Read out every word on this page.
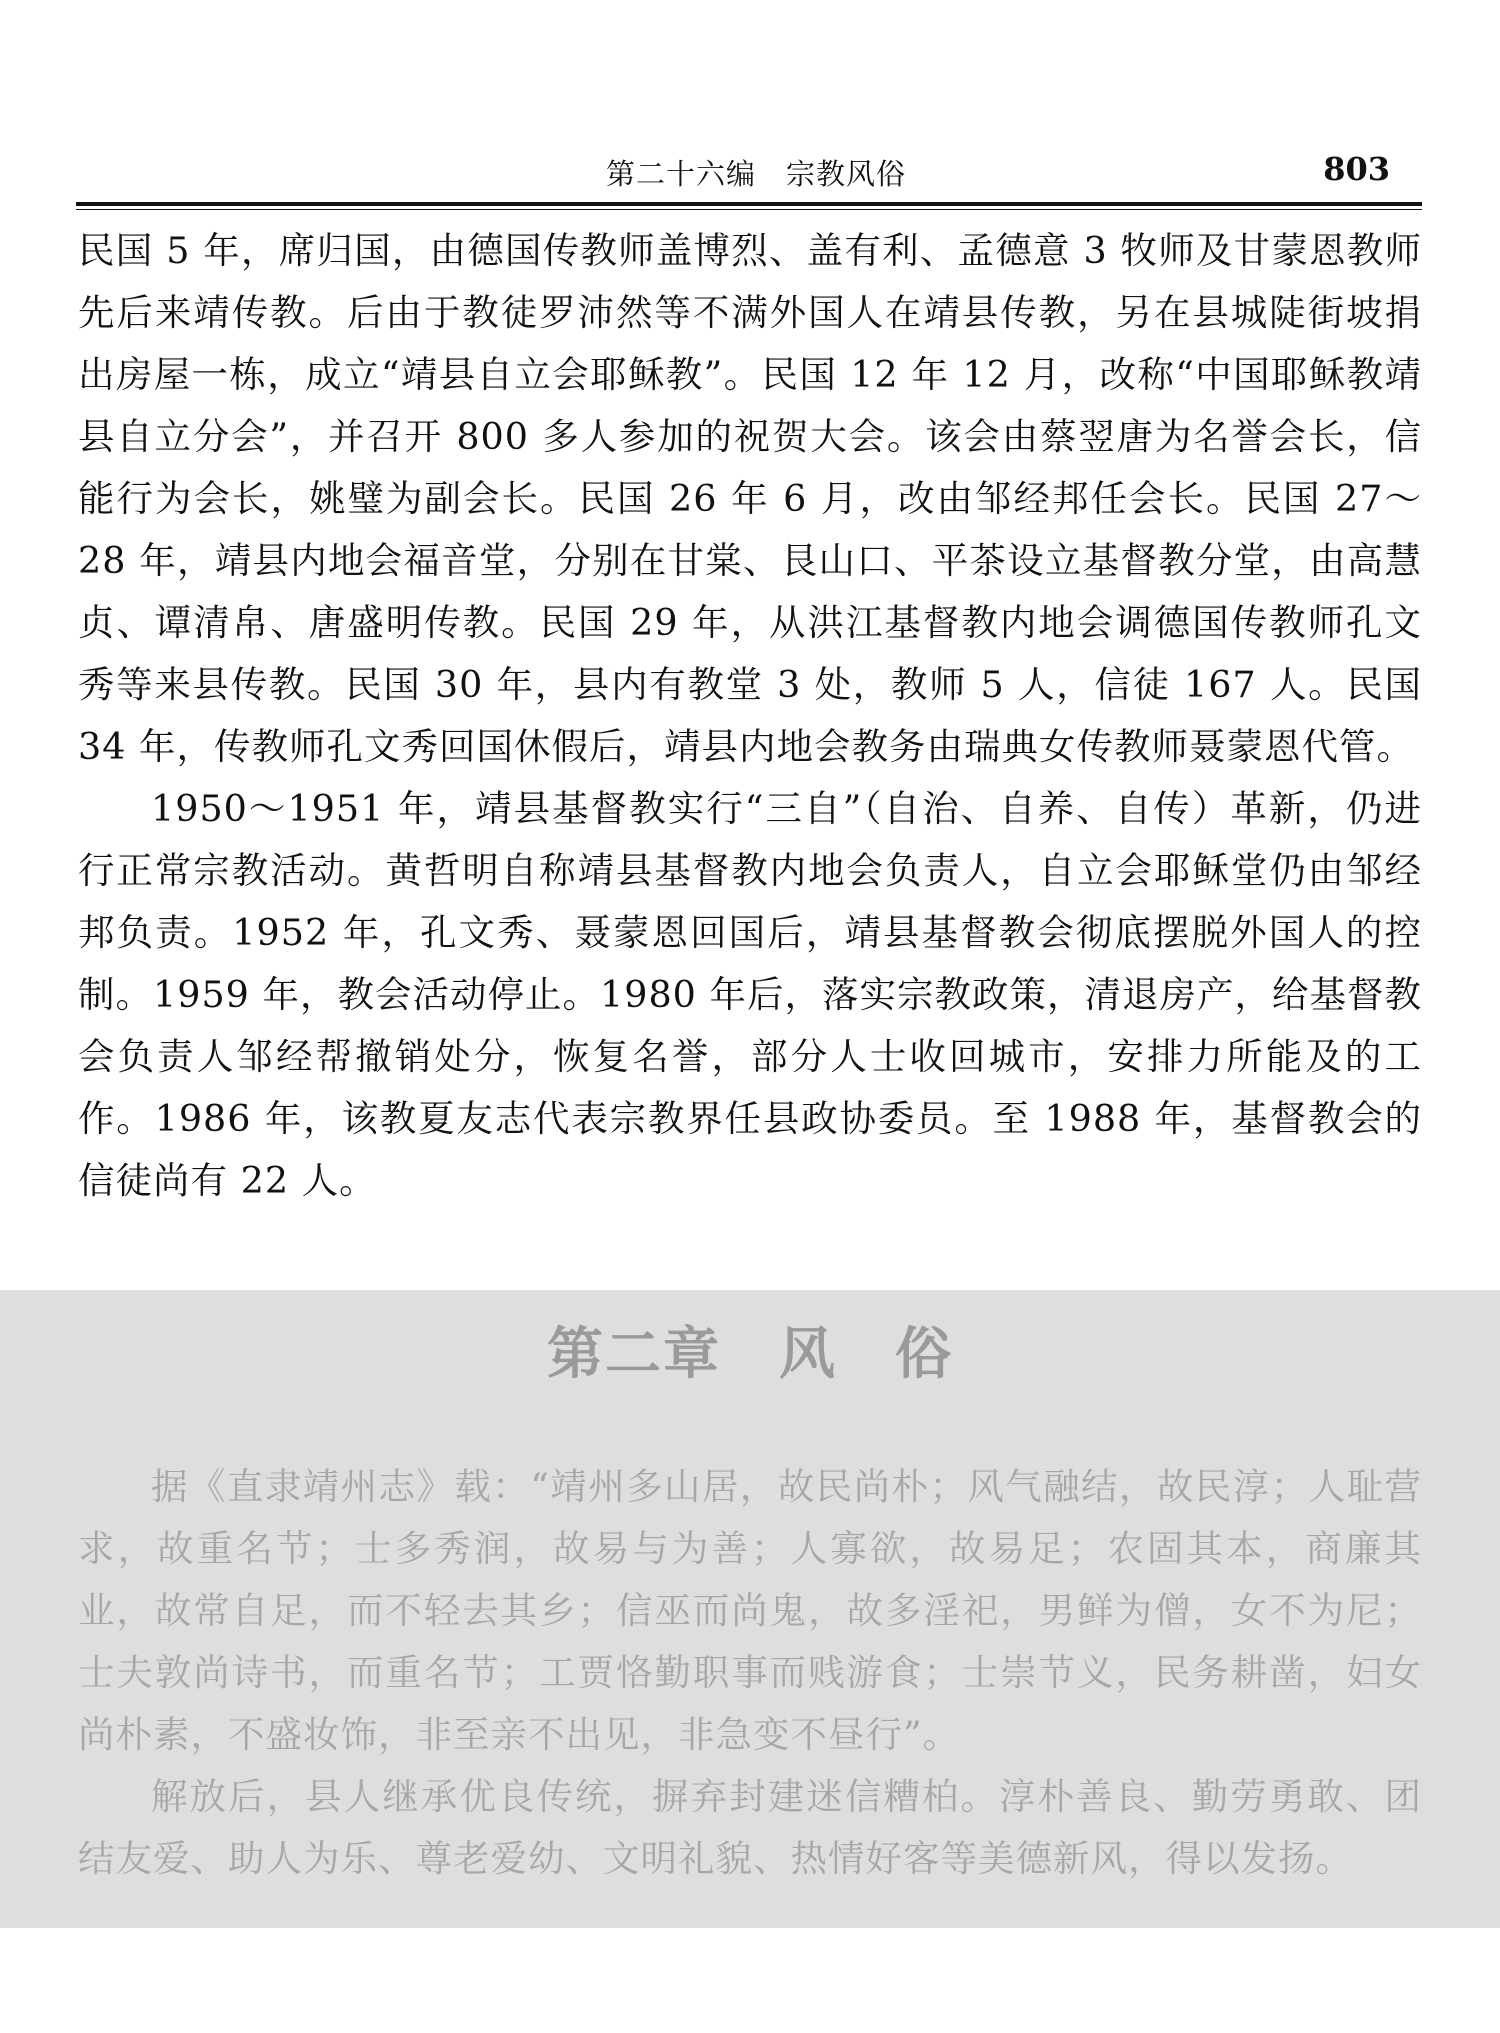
第二十六编　宗教风俗	803

民国 5 年，席归国，由德国传教师盖博烈、盖有利、孟德意 3 牧师及甘蒙恩教师先后来靖传教。后由于教徒罗沛然等不满外国人在靖县传教，另在县城陡街坡捐出房屋一栋，成立“靖县自立会耶稣教”。民国 12 年 12 月，改称“中国耶稣教靖县自立分会”，并召开 800 多人参加的祝贺大会。该会由蔡翌唐为名誉会长，信能行为会长，姚璧为副会长。民国 26 年 6 月，改由邹经邦任会长。民国 27～28 年，靖县内地会福音堂，分别在甘棠、艮山口、平茶设立基督教分堂，由高慧贞、谭清帛、唐盛明传教。民国 29 年，从洪江基督教内地会调德国传教师孔文秀等来县传教。民国 30 年，县内有教堂 3 处，教师 5 人，信徒 167 人。民国 34 年，传教师孔文秀回国休假后，靖县内地会教务由瑞典女传教师聂蒙恩代管。

1950～1951 年，靖县基督教实行“三自”（自治、自养、自传）革新，仍进行正常宗教活动。黄哲明自称靖县基督教内地会负责人，自立会耶稣堂仍由邹经邦负责。1952 年，孔文秀、聂蒙恩回国后，靖县基督教会彻底摆脱外国人的控制。1959 年，教会活动停止。1980 年后，落实宗教政策，清退房产，给基督教会负责人邹经帮撤销处分，恢复名誉，部分人士收回城市，安排力所能及的工作。1986 年，该教夏友志代表宗教界任县政协委员。至 1988 年，基督教会的信徒尚有 22 人。

第二章　风　俗

据《直隶靖州志》载：“靖州多山居，故民尚朴；风气融结，故民淳；人耻营求，故重名节；士多秀润，故易与为善；人寡欲，故易足；农固其本，商廉其业，故常自足，而不轻去其乡；信巫而尚鬼，故多淫祀，男鲜为僧，女不为尼；士夫敦尚诗书，而重名节；工贾恪勤职事而贱游食；士崇节义，民务耕凿，妇女尚朴素，不盛妆饰，非至亲不出见，非急变不昼行”。

解放后，县人继承优良传统，摒弃封建迷信糟柏。淳朴善良、勤劳勇敢、团结友爱、助人为乐、尊老爱幼、文明礼貌、热情好客等美德新风，得以发扬。
